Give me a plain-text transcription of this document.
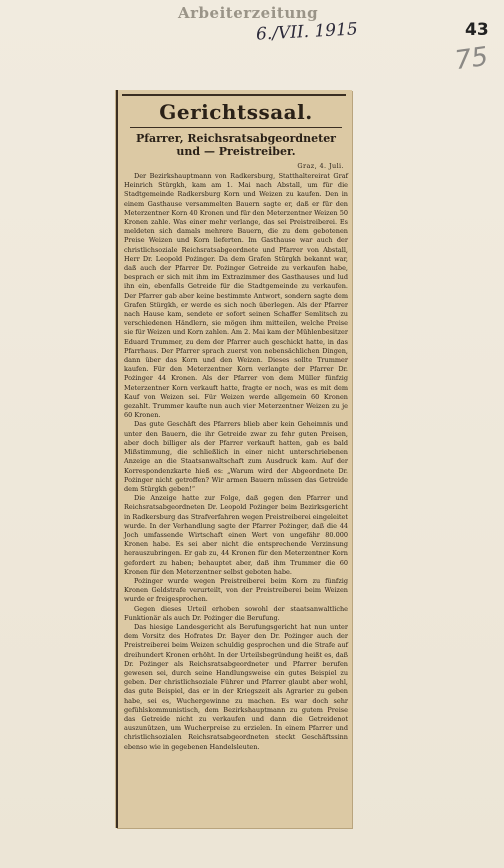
Arbeiterzeitung
6./VII. 1915	43
75
Gerichtssaal.
Pfarrer, Reichsratsabgeordneter und — Preistreiber.
Graz, 4. Juli.

Der Bezirkshauptmann von Radkersburg, Statthaltereirat Graf Heinrich Stürgkh, kam am 1. Mai nach Abstall, um für die Stadtgemeinde Radkersburg Korn und Weizen zu kaufen. Den in einem Gasthause versammelten Bauern sagte er, daß er für den Meterzentner Korn 40 Kronen und für den Meterzentner Weizen 50 Kronen zahle. Was einer mehr verlange, das sei Preistreiberei. Es meldeten sich damals mehrere Bauern, die zu dem gebotenen Preise Weizen und Korn lieferten. Im Gasthause war auch der christlichsoziale Reichsratsabgeordnete und Pfarrer von Abstall, Herr Dr. Leopold Pożinger. Da dem Grafen Stürgkh bekannt war, daß auch der Pfarrer Dr. Pożinger Getreide zu verkaufen habe, besprach er sich mit ihm im Extrazimmer des Gasthauses und lud ihn ein, ebenfalls Getreide für die Stadtgemeinde zu verkaufen. Der Pfarrer gab aber keine bestimmte Antwort, sondern sagte dem Grafen Stürgkh, er werde es sich noch überlegen. Als der Pfarrer nach Hause kam, sendete er sofort seinen Schaffer Semlitsch zu verschiedenen Händlern, sie mögen ihm mitteilen, welche Preise sie für Weizen und Korn zahlen. Am 2. Mai kam der Mühlenbesitzer Eduard Trummer, zu dem der Pfarrer auch geschickt hatte, in das Pfarrhaus. Der Pfarrer sprach zuerst von nebensächlichen Dingen, dann über das Korn und den Weizen. Dieses sollte Trummer kaufen. Für den Meterzentner Korn verlangte der Pfarrer Dr. Pożinger 44 Kronen. Als der Pfarrer von dem Müller fünfzig Meterzentner Korn verkauft hatte, fragte er noch, was es mit dem Kauf von Weizen sei. Für Weizen werde allgemein 60 Kronen gezahlt. Trummer kaufte nun auch vier Meterzentner Weizen zu je 60 Kronen.

Das gute Geschäft des Pfarrers blieb aber kein Geheimnis und unter den Bauern, die ihr Getreide zwar zu fehr guten Preisen, aber doch billiger als der Pfarrer verkauft hatten, gab es bald Mißstimmung, die schließlich in einer nicht unterschriebenen Anzeige an die Staatsanwaltschaft zum Ausdruck kam. Auf der Korrespondenzkarte hieß es: „Warum wird der Abgeordnete Dr. Pożinger nicht getroffen? Wir armen Bauern müssen das Getreide dem Stürgkh geben!“

Die Anzeige hatte zur Folge, daß gegen den Pfarrer und Reichsratsabgeordneten Dr. Leopold Pożinger beim Bezirksgericht in Radkersburg das Strafverfahren wegen Preistreiberei eingeleitet wurde. In der Verhandlung sagte der Pfarrer Pożinger, daß die 44 Joch umfassende Wirtschaft einen Wert von ungefähr 80.000 Kronen habe. Es sei aber nicht die entsprechende Verzinsung herauszubringen. Er gab zu, 44 Kronen für den Meterzentner Korn gefordert zu haben; behauptet aber, daß ihm Trummer die 60 Kronen für den Meterzentner selbst geboten habe.

Pożinger wurde wegen Preistreiberei beim Korn zu fünfzig Kronen Geldstrafe verurteilt, von der Preistreiberei beim Weizen wurde er freigesprochen.

Gegen dieses Urteil erhoben sowohl der staatsanwaltliche Funktionär als auch Dr. Pożinger die Berufung.

Das hiesige Landesgericht als Berufungsgericht hat nun unter dem Vorsitz des Hofrates Dr. Bayer den Dr. Pożinger auch der Preistreiberei beim Weizen schuldig gesprochen und die Strafe auf dreihundert Kronen erhöht. In der Urteilsbegründung heißt es, daß Dr. Pożinger als Reichsratsabgeordneter und Pfarrer berufen gewesen sei, durch seine Handlungsweise ein gutes Beispiel zu geben. Der christlichsoziale Führer und Pfarrer glaubt aber wohl, das gute Beispiel, das er in der Kriegszeit als Agrarier zu geben habe, sei es, Wuchergewinne zu machen. Es war doch sehr gefühlskommunistisch, dem Bezirkshauptmann zu gutem Preise das Getreide nicht zu verkaufen und dann die Getreidenot auszunützen, um Wucherpreise zu erzielen. In einem Pfarrer und christlichsozialen Reichsratsabgeordneten steckt Geschäftssinn ebenso wie in gegebenen Handelsleuten.
